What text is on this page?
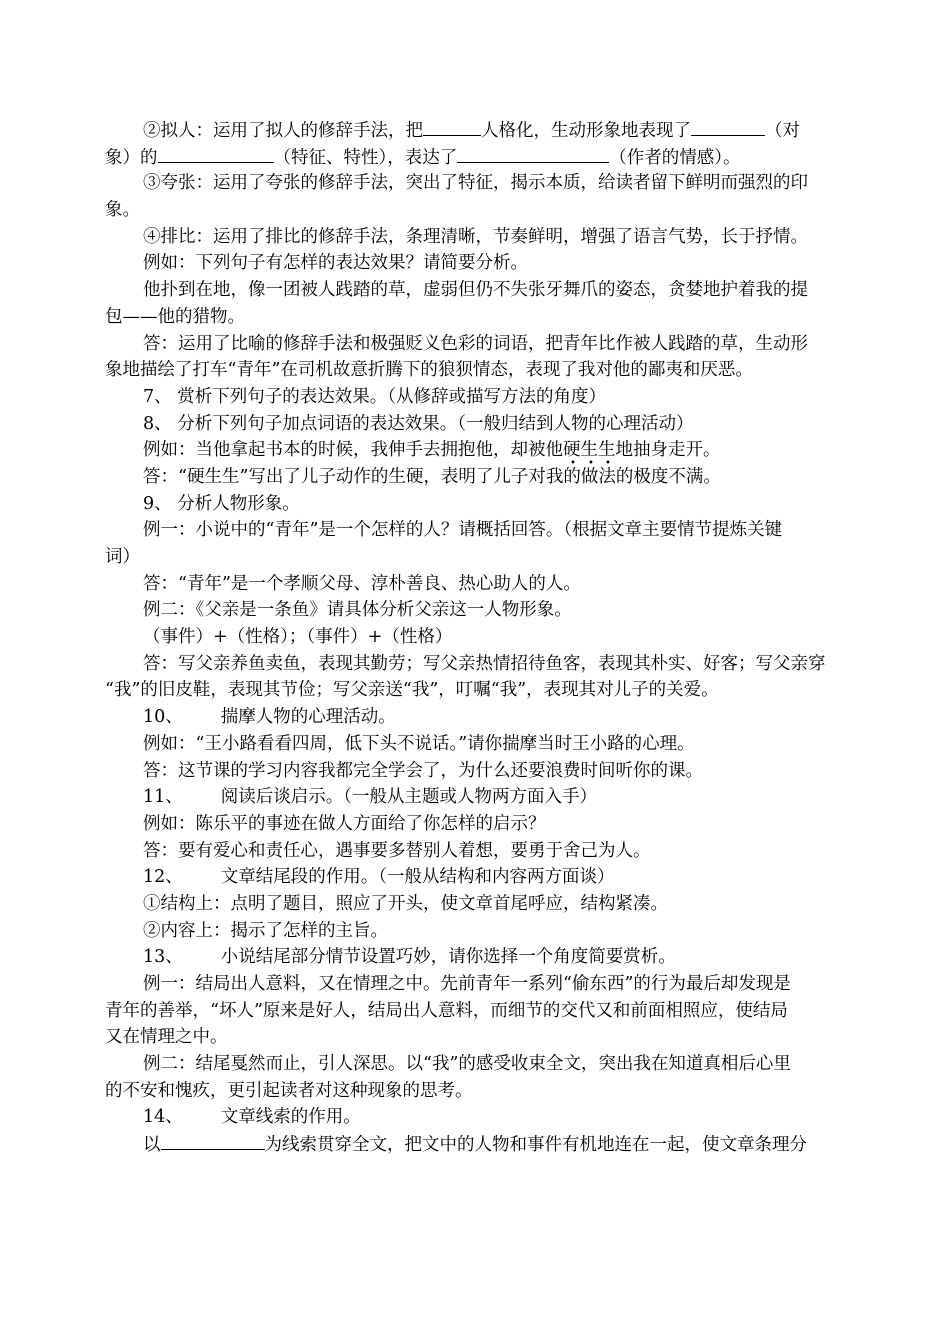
②拟人：运用了拟人的修辞手法，把	人格化，生动形象地表现了	（对
象）的	（特征、特性），表达了	（作者的情感）。
③夸张：运用了夸张的修辞手法，突出了特征，揭示本质，给读者留下鲜明而强烈的印
象。
④排比：运用了排比的修辞手法，条理清晰，节奏鲜明，增强了语言气势，长于抒情。
例如：下列句子有怎样的表达效果？请简要分析。
他扑到在地，像一团被人践踏的草，虚弱但仍不失张牙舞爪的姿态，贪婪地护着我的提
包——他的猎物。
答：运用了比喻的修辞手法和极强贬义色彩的词语，把青年比作被人践踏的草，生动形
象地描绘了打车“青年”在司机故意折腾下的狼狈情态，表现了我对他的鄙夷和厌恶。
7、 赏析下列句子的表达效果。（从修辞或描写方法的角度）
8、 分析下列句子加点词语的表达效果。（一般归结到人物的心理活动）
例如：当他拿起书本的时候，我伸手去拥抱他，却被他硬生生
• • •
地抽身走开。
答：“硬生生”写出了儿子动作的生硬，表明了儿子对我的做法的极度不满。
9、 分析人物形象。
例一：小说中的“青年”是一个怎样的人？请概括回答。（根据文章主要情节提炼关键
词）
答：“青年”是一个孝顺父母、淳朴善良、热心助人的人。
例二：《父亲是一条鱼》请具体分析父亲这一人物形象。
（事件）+（性格）；（事件）+（性格）
答：写父亲养鱼卖鱼，表现其勤劳；写父亲热情招待鱼客，表现其朴实、好客；写父亲穿
“我”的旧皮鞋，表现其节俭；写父亲送“我”，叮嘱“我”，表现其对儿子的关爱。
10、 揣摩人物的心理活动。
例如：“王小路看看四周，低下头不说话。”请你揣摩当时王小路的心理。
答：这节课的学习内容我都完全学会了，为什么还要浪费时间听你的课。
11、 阅读后谈启示。（一般从主题或人物两方面入手）
例如：陈乐平的事迹在做人方面给了你怎样的启示？
答：要有爱心和责任心，遇事要多替别人着想，要勇于舍己为人。
12、 文章结尾段的作用。（一般从结构和内容两方面谈）
①结构上：点明了题目，照应了开头，使文章首尾呼应，结构紧凑。
②内容上：揭示了怎样的主旨。
13、 小说结尾部分情节设置巧妙，请你选择一个角度简要赏析。
例一：结局出人意料，又在情理之中。先前青年一系列“偷东西”的行为最后却发现是
青年的善举，“坏人”原来是好人，结局出人意料，而细节的交代又和前面相照应，使结局
又在情理之中。
例二：结尾戛然而止，引人深思。以“我”的感受收束全文，突出我在知道真相后心里
的不安和愧疚，更引起读者对这种现象的思考。
14、 文章线索的作用。
以	为线索贯穿全文，把文中的人物和事件有机地连在一起，使文章条理分
